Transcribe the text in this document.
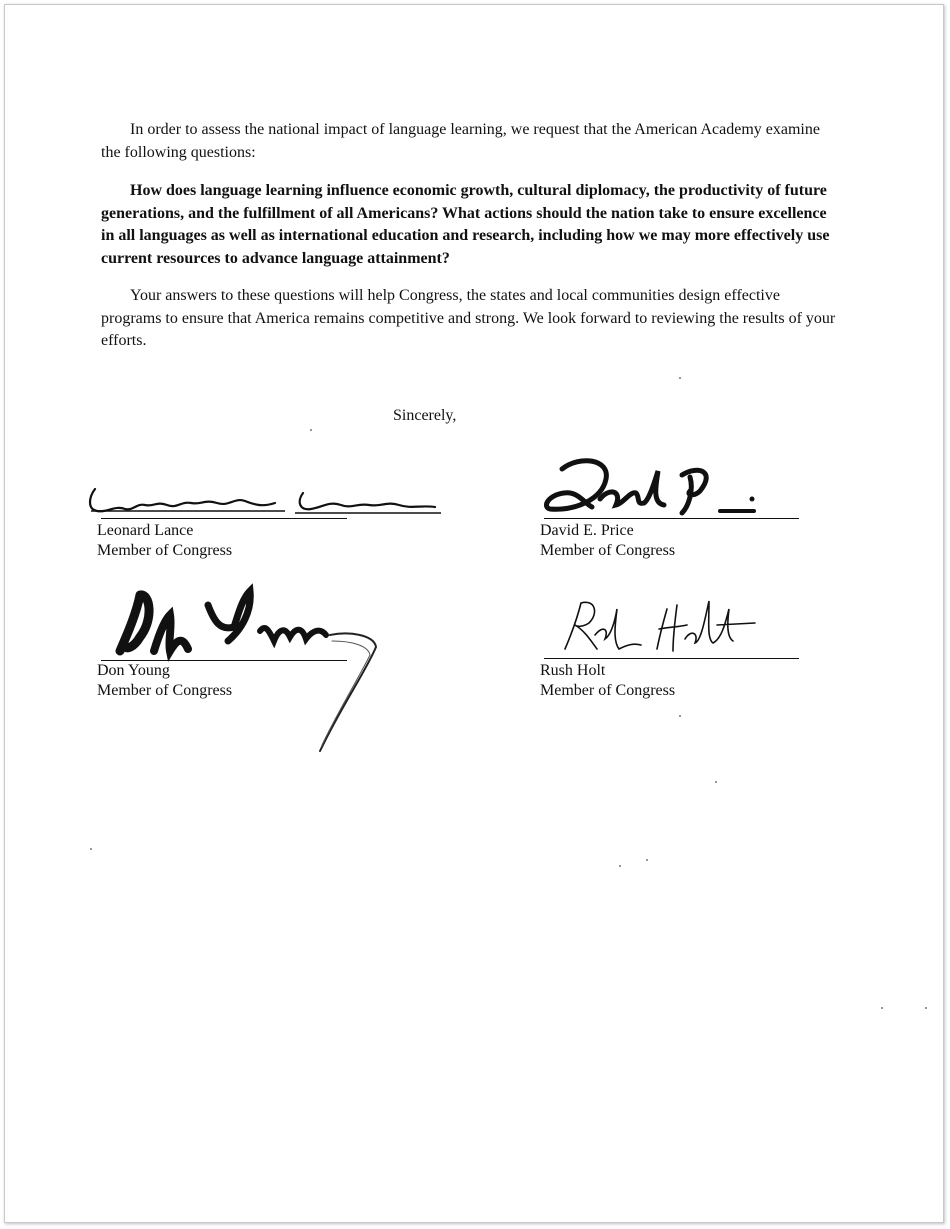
In order to assess the national impact of language learning, we request that the American Academy examine the following questions:

How does language learning influence economic growth, cultural diplomacy, the productivity of future generations, and the fulfillment of all Americans? What actions should the nation take to ensure excellence in all languages as well as international education and research, including how we may more effectively use current resources to advance language attainment?

Your answers to these questions will help Congress, the states and local communities design effective programs to ensure that America remains competitive and strong. We look forward to reviewing the results of your efforts.

Sincerely,
Leonard Lance
Member of Congress
David E. Price
Member of Congress
Don Young
Member of Congress
Rush Holt
Member of Congress
